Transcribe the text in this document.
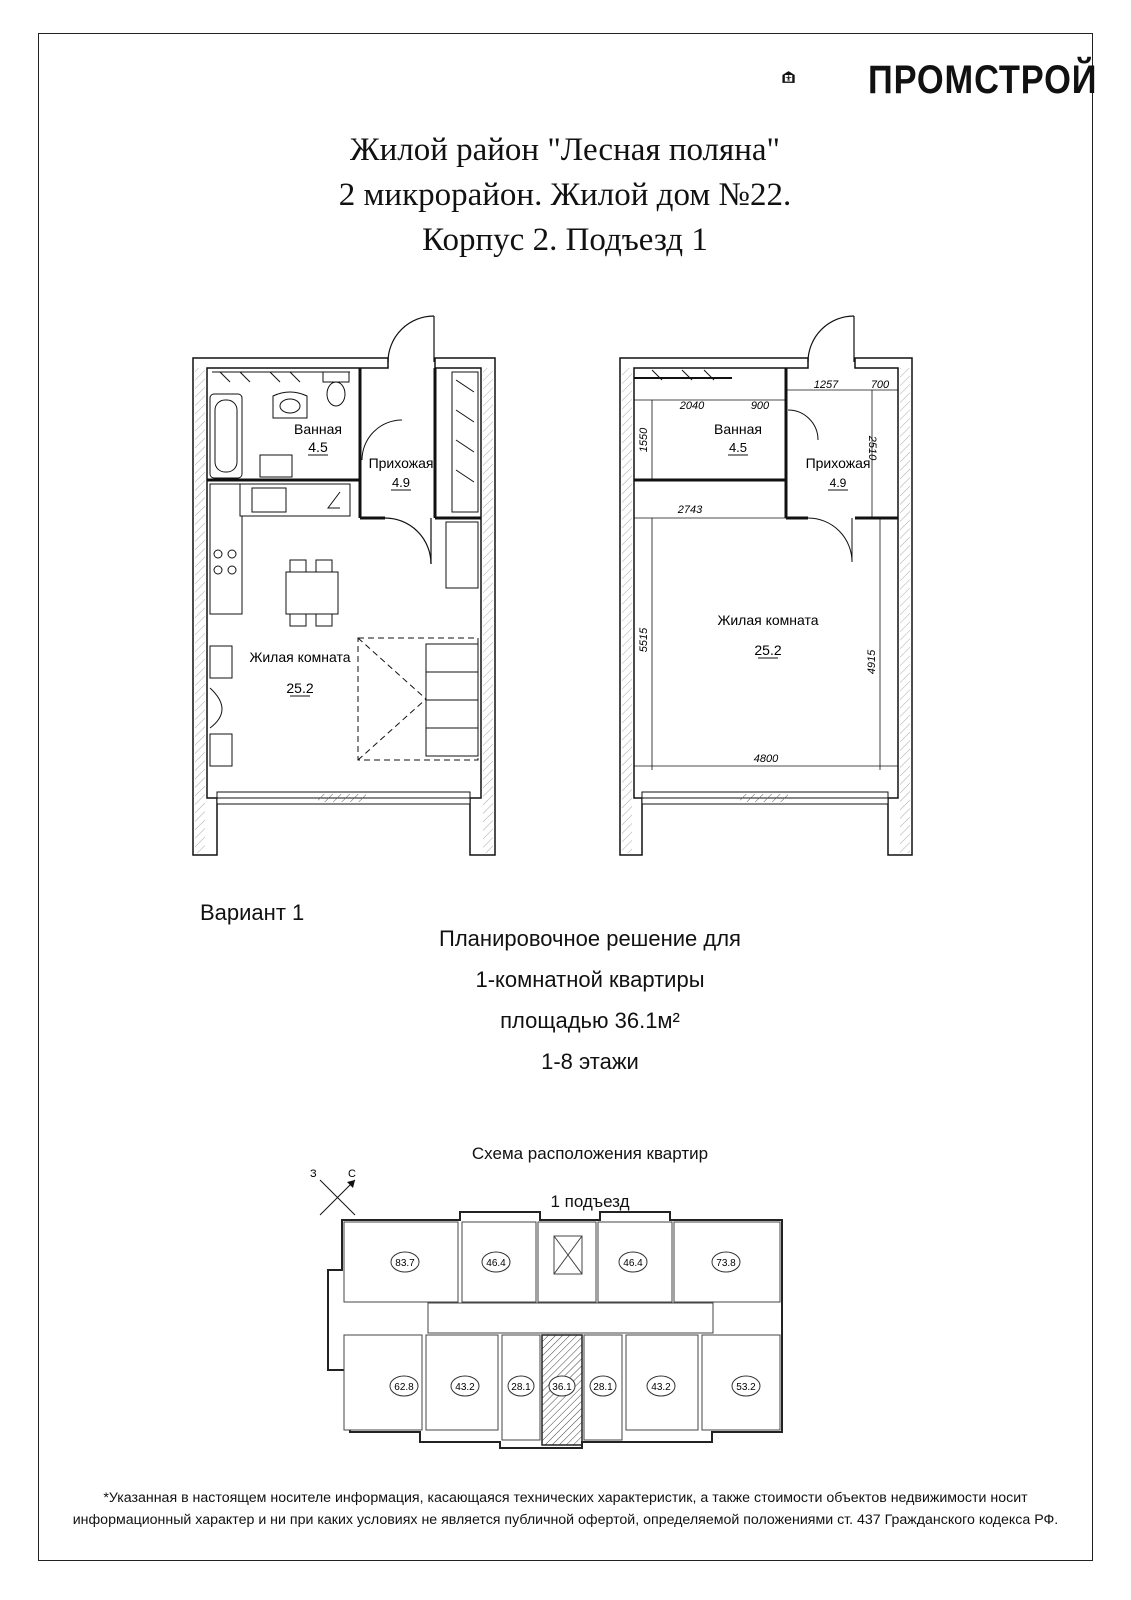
ПРОМСТРОЙ
Жилой район "Лесная поляна"
2 микрорайон. Жилой дом №22.
Корпус 2. Подъезд 1
Ванная
4.5
Прихожая
4.9
Жилая комната
25.2
2040	900
1257	700
1550	2510
2743
5515
4915
4800
Ванная
4.5
Прихожая
4.9
Жилая комната
25.2
Вариант 1
Планировочное решение для
1-комнатной квартиры
площадью 36.1м²
1-8 этажи
Схема расположения квартир
1 подъезд
З	С
83.7	46.4	46.4	73.8
62.8	43.2	28.1 36.1 28.1	43.2	53.2
*Указанная в настоящем носителе информация, касающаяся технических характеристик, а также стоимости объектов недвижимости носит
информационный характер и ни при каких условиях не является публичной офертой, определяемой положениями ст. 437 Гражданского кодекса РФ.
